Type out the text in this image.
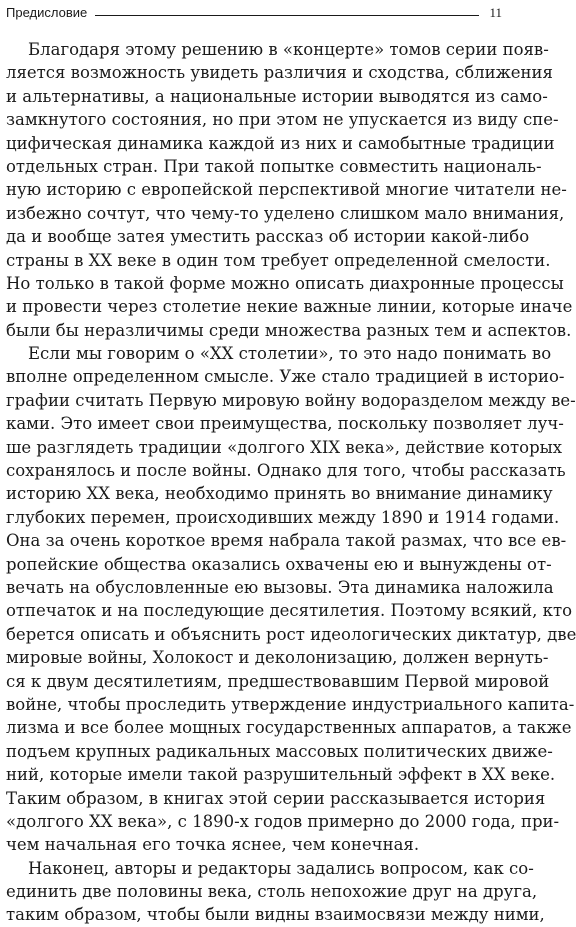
Предисловие	11
Благодаря этому решению в «концерте» томов серии появ-
ляется возможность увидеть различия и сходства, сближения
и альтернативы, а национальные истории выводятся из само-
замкнутого состояния, но при этом не упускается из виду спе-
цифическая динамика каждой из них и самобытные традиции
отдельных стран. При такой попытке совместить националь-
ную историю с европейской перспективой многие читатели не-
избежно сочтут, что чему-то уделено слишком мало внимания,
да и вообще затея уместить рассказ об истории какой-либо
страны в XX веке в один том требует определенной смелости.
Но только в такой форме можно описать диахронные процессы
и провести через столетие некие важные линии, которые иначе
были бы неразличимы среди множества разных тем и аспектов.
Если мы говорим о «XX столетии», то это надо понимать во
вполне определенном смысле. Уже стало традицией в историо-
графии считать Первую мировую войну водоразделом между ве-
ками. Это имеет свои преимущества, поскольку позволяет луч-
ше разглядеть традиции «долгого XIX века», действие которых
сохранялось и после войны. Однако для того, чтобы рассказать
историю XX века, необходимо принять во внимание динамику
глубоких перемен, происходивших между 1890 и 1914 годами.
Она за очень короткое время набрала такой размах, что все ев-
ропейские общества оказались охвачены ею и вынуждены от-
вечать на обусловленные ею вызовы. Эта динамика наложила
отпечаток и на последующие десятилетия. Поэтому всякий, кто
берется описать и объяснить рост идеологических диктатур, две
мировые войны, Холокост и деколонизацию, должен вернуть-
ся к двум десятилетиям, предшествовавшим Первой мировой
войне, чтобы проследить утверждение индустриального капита-
лизма и все более мощных государственных аппаратов, а также
подъем крупных радикальных массовых политических движе-
ний, которые имели такой разрушительный эффект в XX веке.
Таким образом, в книгах этой серии рассказывается история
«долгого XX века», с 1890-х годов примерно до 2000 года, при-
чем начальная его точка яснее, чем конечная.
Наконец, авторы и редакторы задались вопросом, как со-
единить две половины века, столь непохожие друг на друга,
таким образом, чтобы были видны взаимосвязи между ними,
